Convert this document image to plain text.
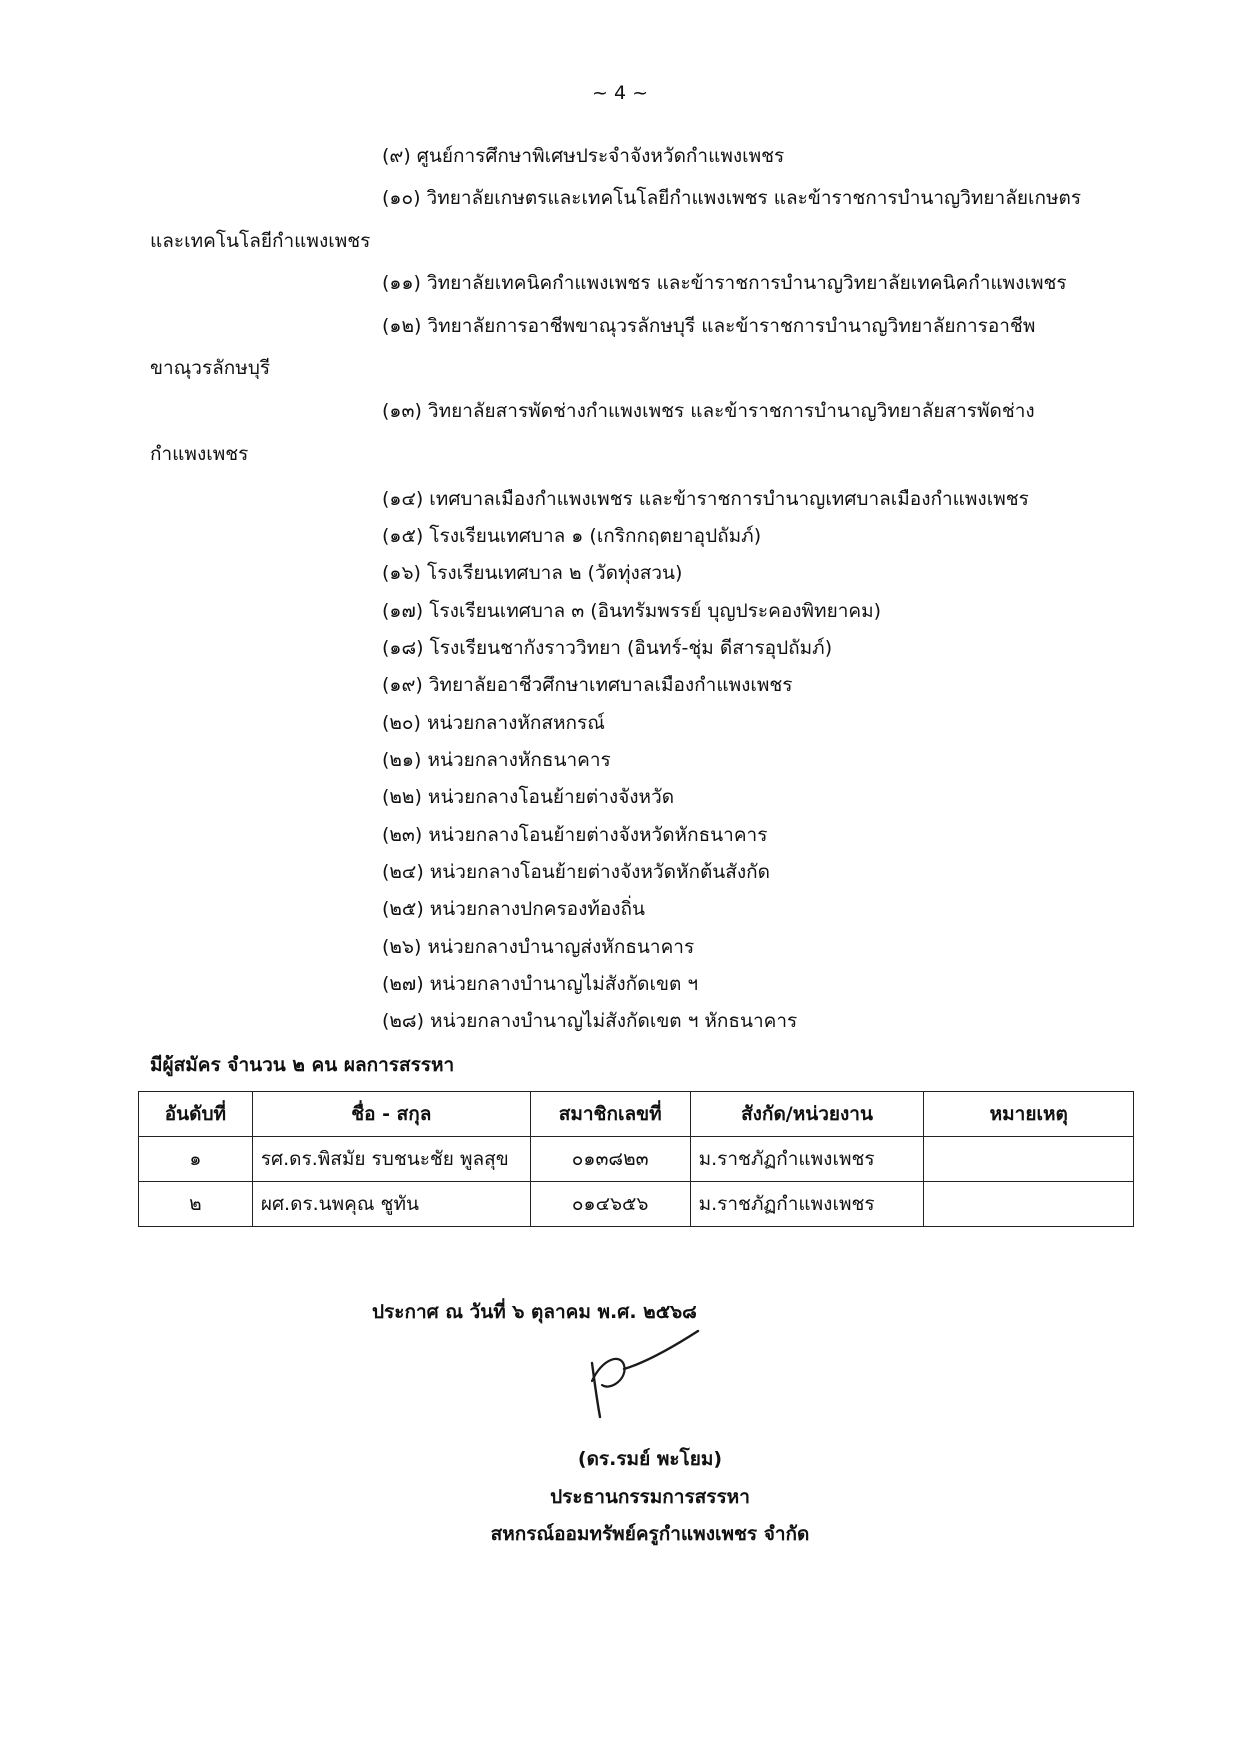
~ 4 ~
(๙) ศูนย์การศึกษาพิเศษประจำจังหวัดกำแพงเพชร
(๑๐) วิทยาลัยเกษตรและเทคโนโลยีกำแพงเพชร และข้าราชการบำนาญวิทยาลัยเกษตร
และเทคโนโลยีกำแพงเพชร
(๑๑) วิทยาลัยเทคนิคกำแพงเพชร และข้าราชการบำนาญวิทยาลัยเทคนิคกำแพงเพชร
(๑๒) วิทยาลัยการอาชีพขาณุวรลักษบุรี และข้าราชการบำนาญวิทยาลัยการอาชีพ
ขาณุวรลักษบุรี
(๑๓) วิทยาลัยสารพัดช่างกำแพงเพชร และข้าราชการบำนาญวิทยาลัยสารพัดช่าง
กำแพงเพชร
(๑๔) เทศบาลเมืองกำแพงเพชร และข้าราชการบำนาญเทศบาลเมืองกำแพงเพชร
(๑๕) โรงเรียนเทศบาล ๑ (เกริกกฤตยาอุปถัมภ์)
(๑๖) โรงเรียนเทศบาล ๒ (วัดทุ่งสวน)
(๑๗) โรงเรียนเทศบาล ๓ (อินทรัมพรรย์ บุญประคองพิทยาคม)
(๑๘) โรงเรียนชากังราววิทยา (อินทร์-ชุ่ม ดีสารอุปถัมภ์)
(๑๙) วิทยาลัยอาชีวศึกษาเทศบาลเมืองกำแพงเพชร
(๒๐) หน่วยกลางหักสหกรณ์
(๒๑) หน่วยกลางหักธนาคาร
(๒๒) หน่วยกลางโอนย้ายต่างจังหวัด
(๒๓) หน่วยกลางโอนย้ายต่างจังหวัดหักธนาคาร
(๒๔) หน่วยกลางโอนย้ายต่างจังหวัดหักต้นสังกัด
(๒๕) หน่วยกลางปกครองท้องถิ่น
(๒๖) หน่วยกลางบำนาญส่งหักธนาคาร
(๒๗) หน่วยกลางบำนาญไม่สังกัดเขต ฯ
(๒๘) หน่วยกลางบำนาญไม่สังกัดเขต ฯ หักธนาคาร
มีผู้สมัคร จำนวน ๒ คน ผลการสรรหา
อันดับที่	ชื่อ - สกุล	สมาชิกเลขที่	สังกัด/หน่วยงาน	หมายเหตุ
๑	รศ.ดร.พิสมัย รบชนะชัย พูลสุข	๐๑๓๘๒๓	ม.ราชภัฏกำแพงเพชร	
๒	ผศ.ดร.นพคุณ ชูทัน	๐๑๔๖๕๖	ม.ราชภัฏกำแพงเพชร	
ประกาศ ณ วันที่ ๖ ตุลาคม พ.ศ. ๒๕๖๘
(ดร.รมย์ พะโยม)
ประธานกรรมการสรรหา
สหกรณ์ออมทรัพย์ครูกำแพงเพชร จำกัด
